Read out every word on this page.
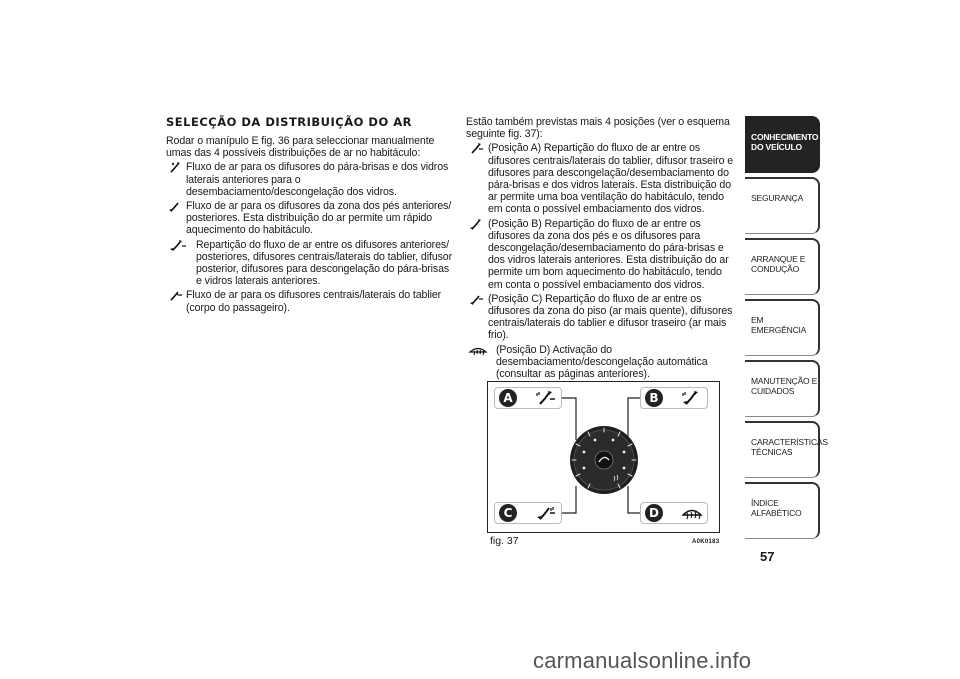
SELECÇÃO DA DISTRIBUIÇÃO DO AR

Rodar o manípulo E fig. 36 para seleccionar manualmente umas das 4 possíveis distribuições de ar no habitáculo:

Fluxo de ar para os difusores do pára-brisas e dos vidros laterais anteriores para o desembaciamento/descongelação dos vidros.

Fluxo de ar para os difusores da zona dos pés anteriores/ posteriores. Esta distribuição do ar permite um rápido aquecimento do habitáculo.

Repartição do fluxo de ar entre os difusores anteriores/ posteriores, difusores centrais/laterais do tablier, difusor posterior, difusores para descongelação do pára-brisas e vidros laterais anteriores.

Fluxo de ar para os difusores centrais/laterais do tablier (corpo do passageiro).

Estão também previstas mais 4 posições (ver o esquema seguinte fig. 37):

(Posição A) Repartição do fluxo de ar entre os difusores centrais/laterais do tablier, difusor traseiro e difusores para descongelação/desembaciamento do pára-brisas e dos vidros laterais. Esta distribuição do ar permite uma boa ventilação do habitáculo, tendo em conta o possível embaciamento dos vidros.

(Posição B) Repartição do fluxo de ar entre os difusores da zona dos pés e os difusores para descongelação/desembaciamento do pára-brisas e dos vidros laterais anteriores. Esta distribuição do ar permite um bom aquecimento do habitáculo, tendo em conta o possível embaciamento dos vidros.

(Posição C) Repartição do fluxo de ar entre os difusores da zona do piso (ar mais quente), difusores centrais/laterais do tablier e difusor traseiro (ar mais frio).

(Posição D) Activação do desembaciamento/descongelação automática (consultar as páginas anteriores).

A	B
C	D
fig. 37	A0K0183
CONHECIMENTO DO VEÍCULO
SEGURANÇA
ARRANQUE E CONDUÇÃO
EM EMERGÊNCIA
MANUTENÇÃO E CUIDADOS
CARACTERÍSTICAS TÉCNICAS
ÍNDICE ALFABÉTICO
57
carmanualsonline.info
